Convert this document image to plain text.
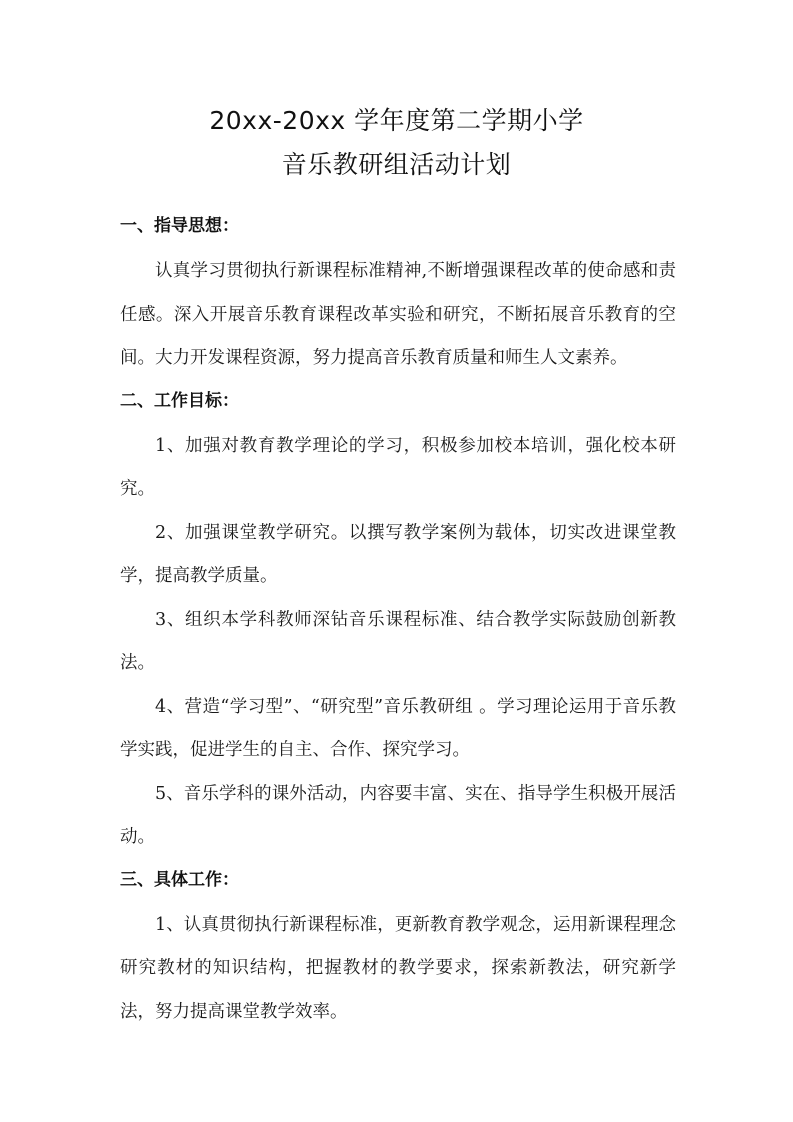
20xx-20xx 学年度第二学期小学
音乐教研组活动计划
一、指导思想：

认真学习贯彻执行新课程标准精神,不断增强课程改革的使命感和责任感。深入开展音乐教育课程改革实验和研究，不断拓展音乐教育的空间。大力开发课程资源，努力提高音乐教育质量和师生人文素养。

二、工作目标：

1、加强对教育教学理论的学习，积极参加校本培训，强化校本研究。

2、加强课堂教学研究。以撰写教学案例为载体，切实改进课堂教学，提高教学质量。

3、组织本学科教师深钻音乐课程标准、结合教学实际鼓励创新教法。

4、营造“学习型”、“研究型”音乐教研组 。学习理论运用于音乐教学实践，促进学生的自主、合作、探究学习。

5、音乐学科的课外活动，内容要丰富、实在、指导学生积极开展活动。

三、具体工作：

1、认真贯彻执行新课程标准，更新教育教学观念，运用新课程理念研究教材的知识结构，把握教材的教学要求，探索新教法，研究新学法，努力提高课堂教学效率。
